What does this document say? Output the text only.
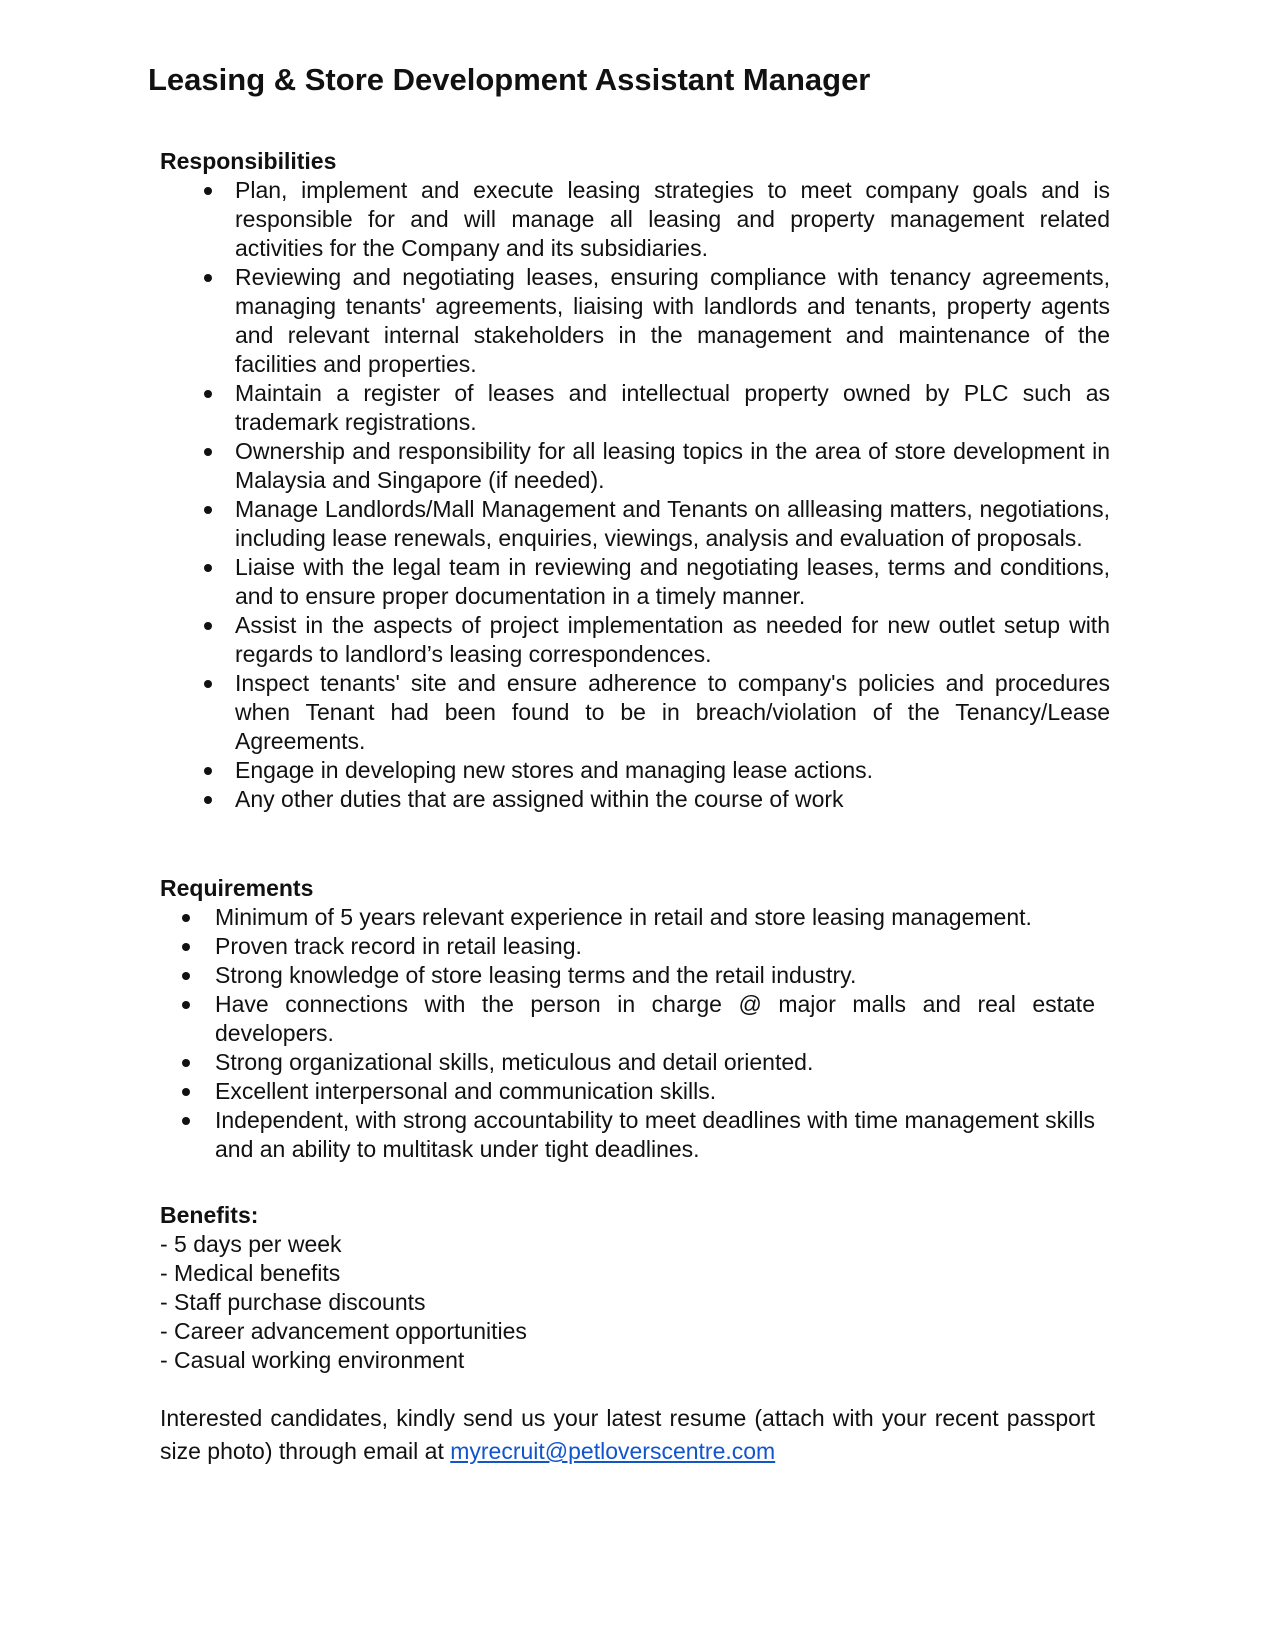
Leasing & Store Development Assistant Manager
Responsibilities
Plan, implement and execute leasing strategies to meet company goals and is responsible for and will manage all leasing and property management related activities for the Company and its subsidiaries.
Reviewing and negotiating leases, ensuring compliance with tenancy agreements, managing tenants' agreements, liaising with landlords and tenants, property agents and relevant internal stakeholders in the management and maintenance of the facilities and properties.
Maintain a register of leases and intellectual property owned by PLC such as trademark registrations.
Ownership and responsibility for all leasing topics in the area of store development in Malaysia and Singapore (if needed).
Manage Landlords/Mall Management and Tenants on allleasing matters, negotiations, including lease renewals, enquiries, viewings, analysis and evaluation of proposals.
Liaise with the legal team in reviewing and negotiating leases, terms and conditions, and to ensure proper documentation in a timely manner.
Assist in the aspects of project implementation as needed for new outlet setup with regards to landlord’s leasing correspondences.
Inspect tenants' site and ensure adherence to company's policies and procedures when Tenant had been found to be in breach/violation of the Tenancy/Lease Agreements.
Engage in developing new stores and managing lease actions.
Any other duties that are assigned within the course of work
Requirements
Minimum of 5 years relevant experience in retail and store leasing management.
Proven track record in retail leasing.
Strong knowledge of store leasing terms and the retail industry.
Have connections with the person in charge @ major malls and real estate developers.
Strong organizational skills, meticulous and detail oriented.
Excellent interpersonal and communication skills.
Independent, with strong accountability to meet deadlines with time management skills and an ability to multitask under tight deadlines.
Benefits:
- 5 days per week
- Medical benefits
- Staff purchase discounts
- Career advancement opportunities
- Casual working environment

Interested candidates, kindly send us your latest resume (attach with your recent passport size photo) through email at myrecruit@petloverscentre.com
